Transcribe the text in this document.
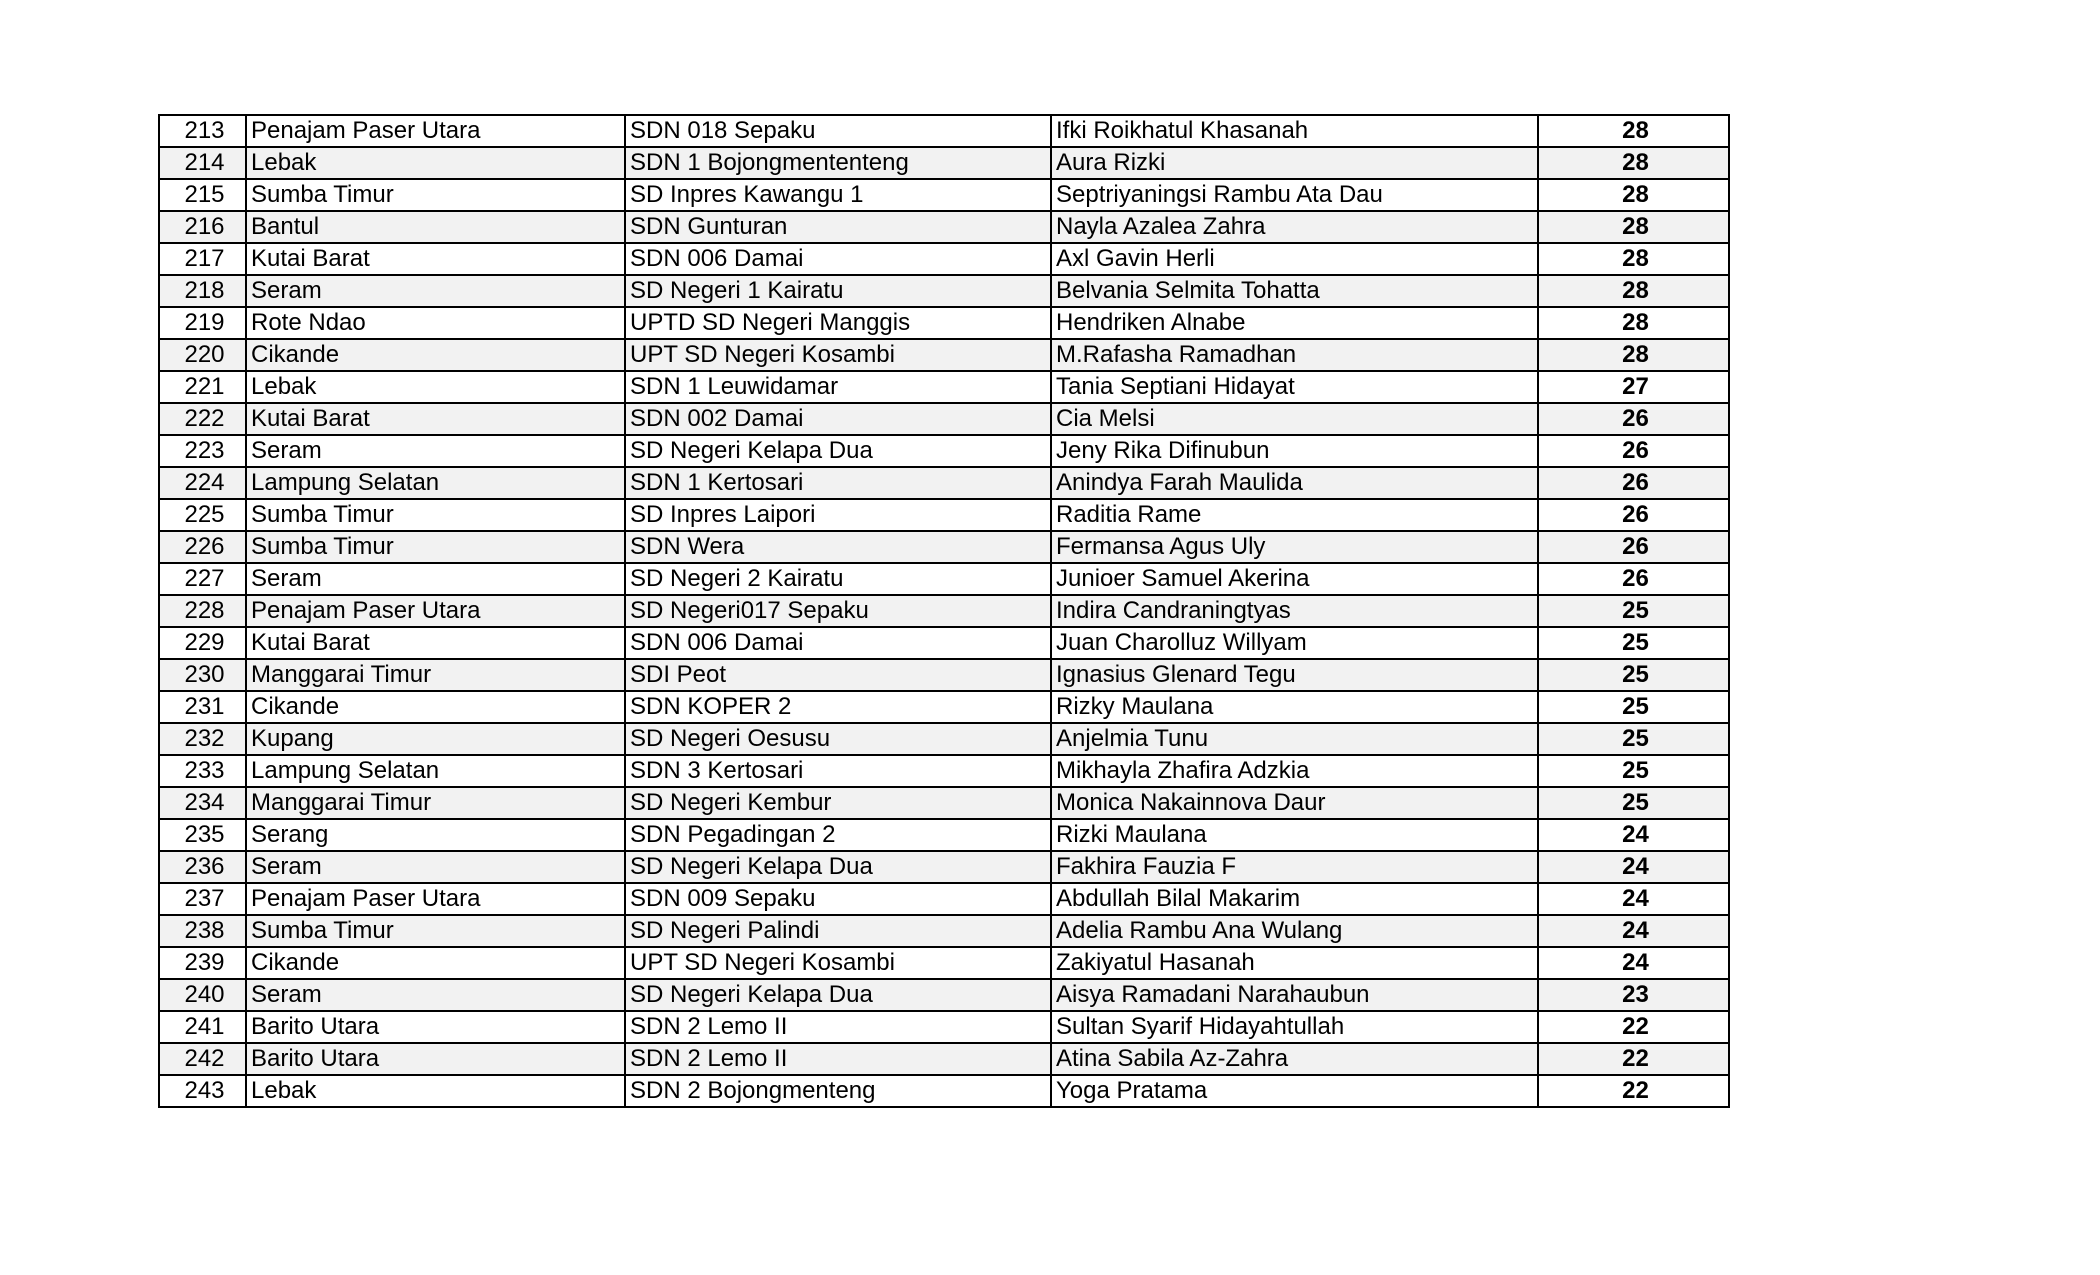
213	Penajam Paser Utara	SDN 018 Sepaku	Ifki Roikhatul Khasanah	28
214	Lebak	SDN 1 Bojongmententeng	Aura Rizki	28
215	Sumba Timur	SD Inpres Kawangu 1	Septriyaningsi Rambu Ata Dau	28
216	Bantul	SDN Gunturan	Nayla Azalea Zahra	28
217	Kutai Barat	SDN 006 Damai	Axl Gavin Herli	28
218	Seram	SD Negeri 1 Kairatu	Belvania Selmita Tohatta	28
219	Rote Ndao	UPTD SD Negeri Manggis	Hendriken Alnabe	28
220	Cikande	UPT SD Negeri Kosambi	M.Rafasha Ramadhan	28
221	Lebak	SDN 1 Leuwidamar	Tania Septiani Hidayat	27
222	Kutai Barat	SDN 002 Damai	Cia Melsi	26
223	Seram	SD Negeri Kelapa Dua	Jeny Rika Difinubun	26
224	Lampung Selatan	SDN 1 Kertosari	Anindya Farah Maulida	26
225	Sumba Timur	SD Inpres Laipori	Raditia Rame	26
226	Sumba Timur	SDN Wera	Fermansa Agus Uly	26
227	Seram	SD Negeri 2 Kairatu	Junioer Samuel Akerina	26
228	Penajam Paser Utara	SD Negeri017 Sepaku	Indira Candraningtyas	25
229	Kutai Barat	SDN 006 Damai	Juan Charolluz Willyam	25
230	Manggarai Timur	SDI Peot	Ignasius Glenard Tegu	25
231	Cikande	SDN KOPER 2	Rizky Maulana	25
232	Kupang	SD Negeri Oesusu	Anjelmia Tunu	25
233	Lampung Selatan	SDN 3 Kertosari	Mikhayla Zhafira Adzkia	25
234	Manggarai Timur	SD Negeri Kembur	Monica Nakainnova Daur	25
235	Serang	SDN Pegadingan 2	Rizki Maulana	24
236	Seram	SD Negeri Kelapa Dua	Fakhira Fauzia F	24
237	Penajam Paser Utara	SDN 009 Sepaku	Abdullah Bilal Makarim	24
238	Sumba Timur	SD Negeri Palindi	Adelia Rambu Ana Wulang	24
239	Cikande	UPT SD Negeri Kosambi	Zakiyatul Hasanah	24
240	Seram	SD Negeri Kelapa Dua	Aisya Ramadani Narahaubun	23
241	Barito Utara	SDN 2 Lemo II	Sultan Syarif Hidayahtullah	22
242	Barito Utara	SDN 2 Lemo II	Atina Sabila Az-Zahra	22
243	Lebak	SDN 2 Bojongmenteng	Yoga Pratama	22
